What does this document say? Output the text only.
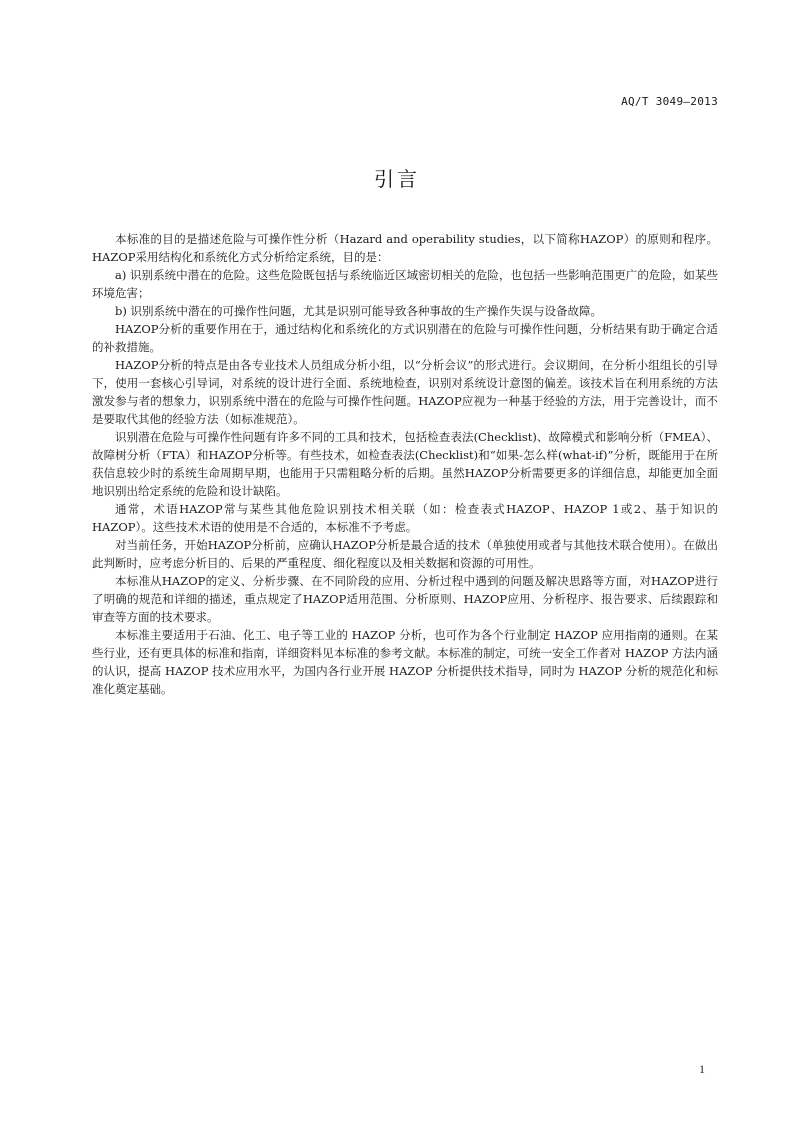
AQ/T 3049—2013
引言

本标准的目的是描述危险与可操作性分析（Hazard and operability studies，以下简称HAZOP）的原则和程序。HAZOP采用结构化和系统化方式分析给定系统，目的是：

a) 识别系统中潜在的危险。这些危险既包括与系统临近区域密切相关的危险，也包括一些影响范围更广的危险，如某些环境危害；

b) 识别系统中潜在的可操作性问题，尤其是识别可能导致各种事故的生产操作失误与设备故障。

HAZOP分析的重要作用在于，通过结构化和系统化的方式识别潜在的危险与可操作性问题，分析结果有助于确定合适的补救措施。

HAZOP分析的特点是由各专业技术人员组成分析小组，以“分析会议”的形式进行。会议期间，在分析小组组长的引导下，使用一套核心引导词，对系统的设计进行全面、系统地检查，识别对系统设计意图的偏差。该技术旨在利用系统的方法激发参与者的想象力，识别系统中潜在的危险与可操作性问题。HAZOP应视为一种基于经验的方法，用于完善设计，而不是要取代其他的经验方法（如标准规范）。

识别潜在危险与可操作性问题有许多不同的工具和技术，包括检查表法(Checklist)、故障模式和影响分析（FMEA）、故障树分析（FTA）和HAZOP分析等。有些技术，如检查表法(Checklist)和“如果-怎么样(what-if)”分析，既能用于在所获信息较少时的系统生命周期早期，也能用于只需粗略分析的后期。虽然HAZOP分析需要更多的详细信息，却能更加全面地识别出给定系统的危险和设计缺陷。

通常，术语HAZOP常与某些其他危险识别技术相关联（如：检查表式HAZOP、HAZOP 1或2、基于知识的HAZOP）。这些技术术语的使用是不合适的，本标准不予考虑。

对当前任务，开始HAZOP分析前，应确认HAZOP分析是最合适的技术（单独使用或者与其他技术联合使用）。在做出此判断时，应考虑分析目的、后果的严重程度、细化程度以及相关数据和资源的可用性。

本标准从HAZOP的定义、分析步骤、在不同阶段的应用、分析过程中遇到的问题及解决思路等方面，对HAZOP进行了明确的规范和详细的描述，重点规定了HAZOP适用范围、分析原则、HAZOP应用、分析程序、报告要求、后续跟踪和审查等方面的技术要求。

本标准主要适用于石油、化工、电子等工业的 HAZOP 分析，也可作为各个行业制定 HAZOP 应用指南的通则。在某些行业，还有更具体的标准和指南，详细资料见本标准的参考文献。本标准的制定，可统一安全工作者对 HAZOP 方法内涵的认识，提高 HAZOP 技术应用水平，为国内各行业开展 HAZOP 分析提供技术指导，同时为 HAZOP 分析的规范化和标准化奠定基础。

1
